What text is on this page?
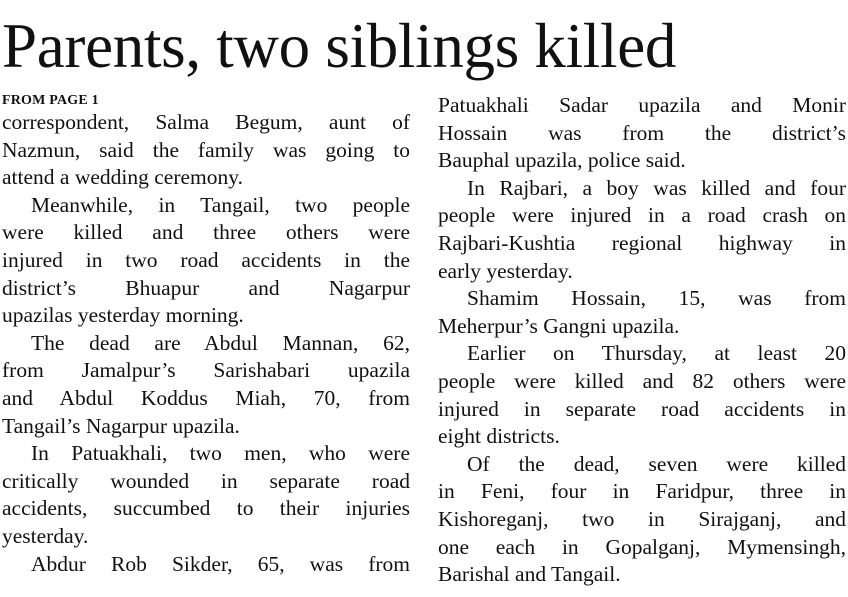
Parents, two siblings killed
FROM PAGE 1
correspondent, Salma Begum, aunt of
Nazmun, said the family was going to
attend a wedding ceremony.
Meanwhile, in Tangail, two people
were killed and three others were
injured in two road accidents in the
district’s Bhuapur and Nagarpur
upazilas yesterday morning.
The dead are Abdul Mannan, 62,
from Jamalpur’s Sarishabari upazila
and Abdul Koddus Miah, 70, from
Tangail’s Nagarpur upazila.
In Patuakhali, two men, who were
critically wounded in separate road
accidents, succumbed to their injuries
yesterday.
Abdur Rob Sikder, 65, was from
Patuakhali Sadar upazila and Monir
Hossain was from the district’s
Bauphal upazila, police said.
In Rajbari, a boy was killed and four
people were injured in a road crash on
Rajbari-Kushtia regional highway in
early yesterday.
Shamim Hossain, 15, was from
Meherpur’s Gangni upazila.
Earlier on Thursday, at least 20
people were killed and 82 others were
injured in separate road accidents in
eight districts.
Of the dead, seven were killed
in Feni, four in Faridpur, three in
Kishoreganj, two in Sirajganj, and
one each in Gopalganj, Mymensingh,
Barishal and Tangail.
